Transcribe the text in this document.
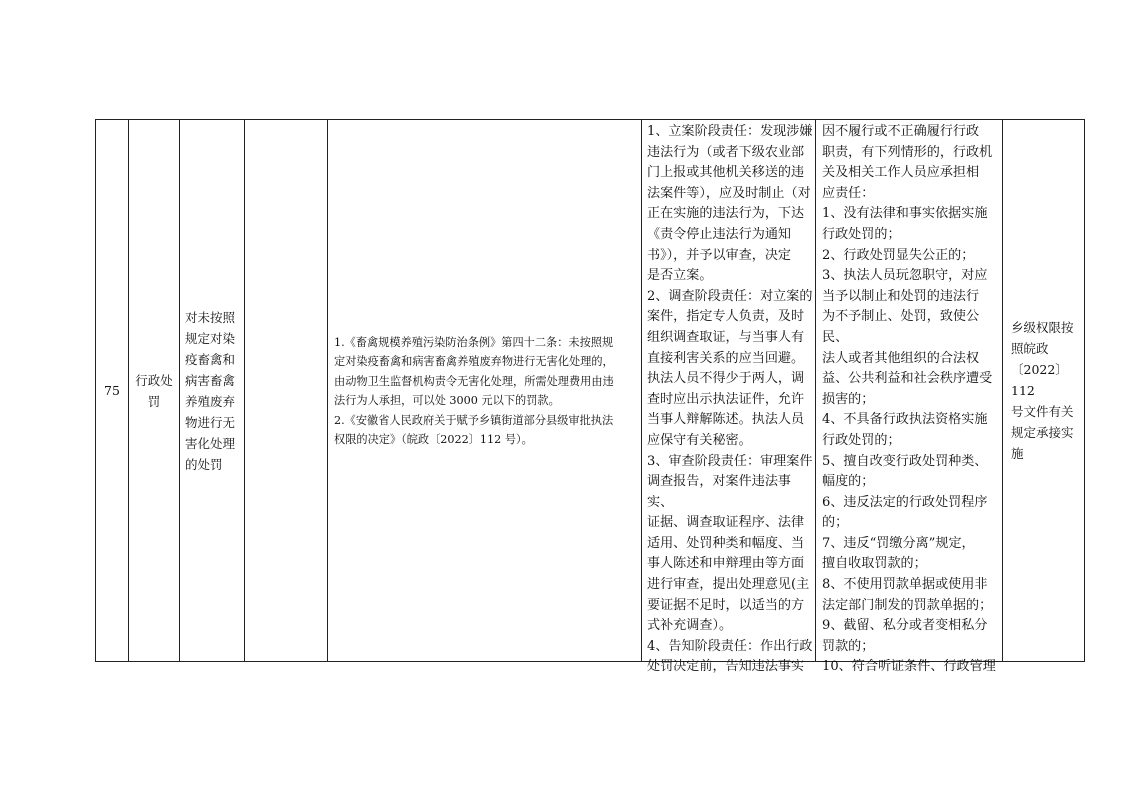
75
行政处
罚
对未按照
规定对染
疫畜禽和
病害畜禽
养殖废弃
物进行无
害化处理
的处罚
1.《畜禽规模养殖污染防治条例》第四十二条：未按照规
定对染疫畜禽和病害畜禽养殖废弃物进行无害化处理的，
由动物卫生监督机构责令无害化处理，所需处理费用由违
法行为人承担，可以处 3000 元以下的罚款。
2.《安徽省人民政府关于赋予乡镇街道部分县级审批执法
权限的决定》（皖政〔2022〕112 号）。
1、立案阶段责任：发现涉嫌
违法行为（或者下级农业部
门上报或其他机关移送的违
法案件等），应及时制止（对
正在实施的违法行为，下达
《责令停止违法行为通知
书》），并予以审查，决定
是否立案。
2、调查阶段责任：对立案的
案件，指定专人负责，及时
组织调查取证，与当事人有
直接利害关系的应当回避。
执法人员不得少于两人，调
查时应出示执法证件，允许
当事人辩解陈述。执法人员
应保守有关秘密。
3、审查阶段责任：审理案件
调查报告，对案件违法事实、
证据、调查取证程序、法律
适用、处罚种类和幅度、当
事人陈述和申辩理由等方面
进行审查，提出处理意见(主
要证据不足时，以适当的方
式补充调查）。
4、告知阶段责任：作出行政
处罚决定前，告知违法事实
因不履行或不正确履行行政
职责，有下列情形的，行政机
关及相关工作人员应承担相
应责任：
1、没有法律和事实依据实施
行政处罚的；
2、行政处罚显失公正的；
3、执法人员玩忽职守，对应
当予以制止和处罚的违法行
为不予制止、处罚，致使公民、
法人或者其他组织的合法权
益、公共利益和社会秩序遭受
损害的；
4、不具备行政执法资格实施
行政处罚的；
5、擅自改变行政处罚种类、
幅度的；
6、违反法定的行政处罚程序
的；
7、违反“罚缴分离”规定，
擅自收取罚款的；
8、不使用罚款单据或使用非
法定部门制发的罚款单据的；
9、截留、私分或者变相私分
罚款的；
10、符合听证条件、行政管理
乡级权限按
照皖政
〔2022〕112
号文件有关
规定承接实
施
